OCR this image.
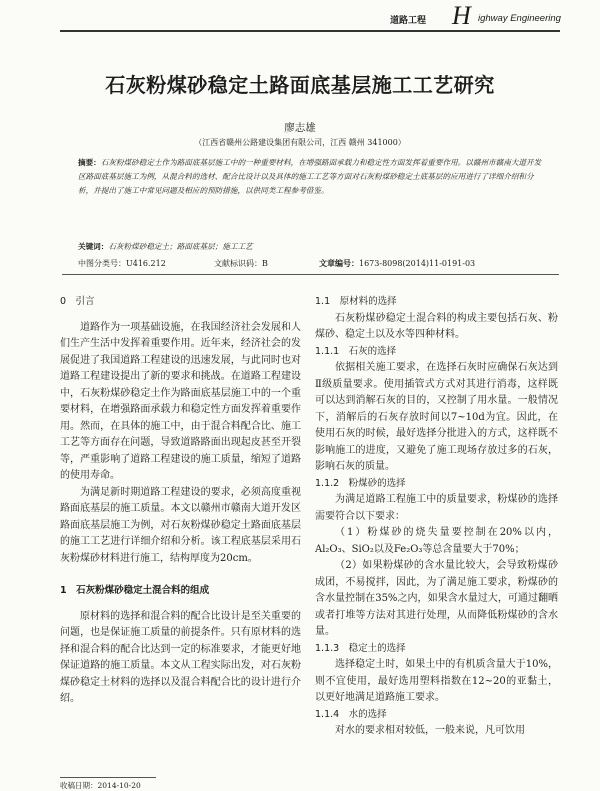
道路工程 H ighway Engineering
石灰粉煤砂稳定土路面底基层施工工艺研究
廖志雄
（江西省赣州公路建设集团有限公司，江西 赣州 341000）
摘要：石灰粉煤砂稳定土作为路面底基层施工中的一种重要材料，在增强路面承载力和稳定性方面发挥着重要作用。以赣州市赣南大道开发区路面底基层施工为例，从混合料的选材、配合比设计以及具体的施工工艺等方面对石灰粉煤砂稳定土底基层的应用进行了详细介绍和分析，并提出了施工中常见问题及相应的预防措施，以供同类工程参考借鉴。
关键词：石灰粉煤砂稳定土；路面底基层；施工工艺
中图分类号：U416.212	文献标识码：B	文章编号：1673-8098(2014)11-0191-03
0　引言

道路作为一项基础设施，在我国经济社会发展和人们生产生活中发挥着重要作用。近年来，经济社会的发展促进了我国道路工程建设的迅速发展，与此同时也对道路工程建设提出了新的要求和挑战。在道路工程建设中，石灰粉煤砂稳定土作为路面底基层施工中的一个重要材料，在增强路面承载力和稳定性方面发挥着重要作用。然而，在具体的施工中，由于混合料配合比、施工工艺等方面存在问题，导致道路路面出现起皮甚至开裂等，严重影响了道路工程建设的施工质量，缩短了道路的使用寿命。

为满足新时期道路工程建设的要求，必须高度重视路面底基层的施工质量。本文以赣州市赣南大道开发区路面底基层施工为例，对石灰粉煤砂稳定土路面底基层的施工工艺进行详细介绍和分析。该工程底基层采用石灰粉煤砂材料进行施工，结构厚度为20cm。

1　石灰粉煤砂稳定土混合料的组成

原材料的选择和混合料的配合比设计是至关重要的问题，也是保证施工质量的前提条件。只有原材料的选择和混合料的配合比达到一定的标准要求，才能更好地保证道路的施工质量。本文从工程实际出发，对石灰粉煤砂稳定土材料的选择以及混合料配合比的设计进行介绍。

1.1　原材料的选择

石灰粉煤砂稳定土混合料的构成主要包括石灰、粉煤砂、稳定土以及水等四种材料。

1.1.1　石灰的选择

依据相关施工要求，在选择石灰时应确保石灰达到Ⅱ级质量要求。使用插管式方式对其进行消毒，这样既可以达到消解石灰的目的，又控制了用水量。一般情况下，消解后的石灰存放时间以7~10d为宜。因此，在使用石灰的时候，最好选择分批进入的方式，这样既不影响施工的进度，又避免了施工现场存放过多的石灰，影响石灰的质量。

1.1.2　粉煤砂的选择

为满足道路工程施工中的质量要求，粉煤砂的选择需要符合以下要求：

（1）粉煤砂的烧失量要控制在20%以内，Al₂O₃、SiO₂以及Fe₂O₃等总含量要大于70%；

（2）如果粉煤砂的含水量比较大，会导致粉煤砂成团，不易搅拌，因此，为了满足施工要求，粉煤砂的含水量控制在35%之内，如果含水量过大，可通过翻晒或者打堆等方法对其进行处理，从而降低粉煤砂的含水量。

1.1.3　稳定土的选择

选择稳定土时，如果土中的有机质含量大于10%，则不宜使用，最好选用塑料指数在12~20的亚黏土，以更好地满足道路施工要求。

1.1.4　水的选择

对水的要求相对较低，一般来说，凡可饮用

收稿日期：2014-10-20
